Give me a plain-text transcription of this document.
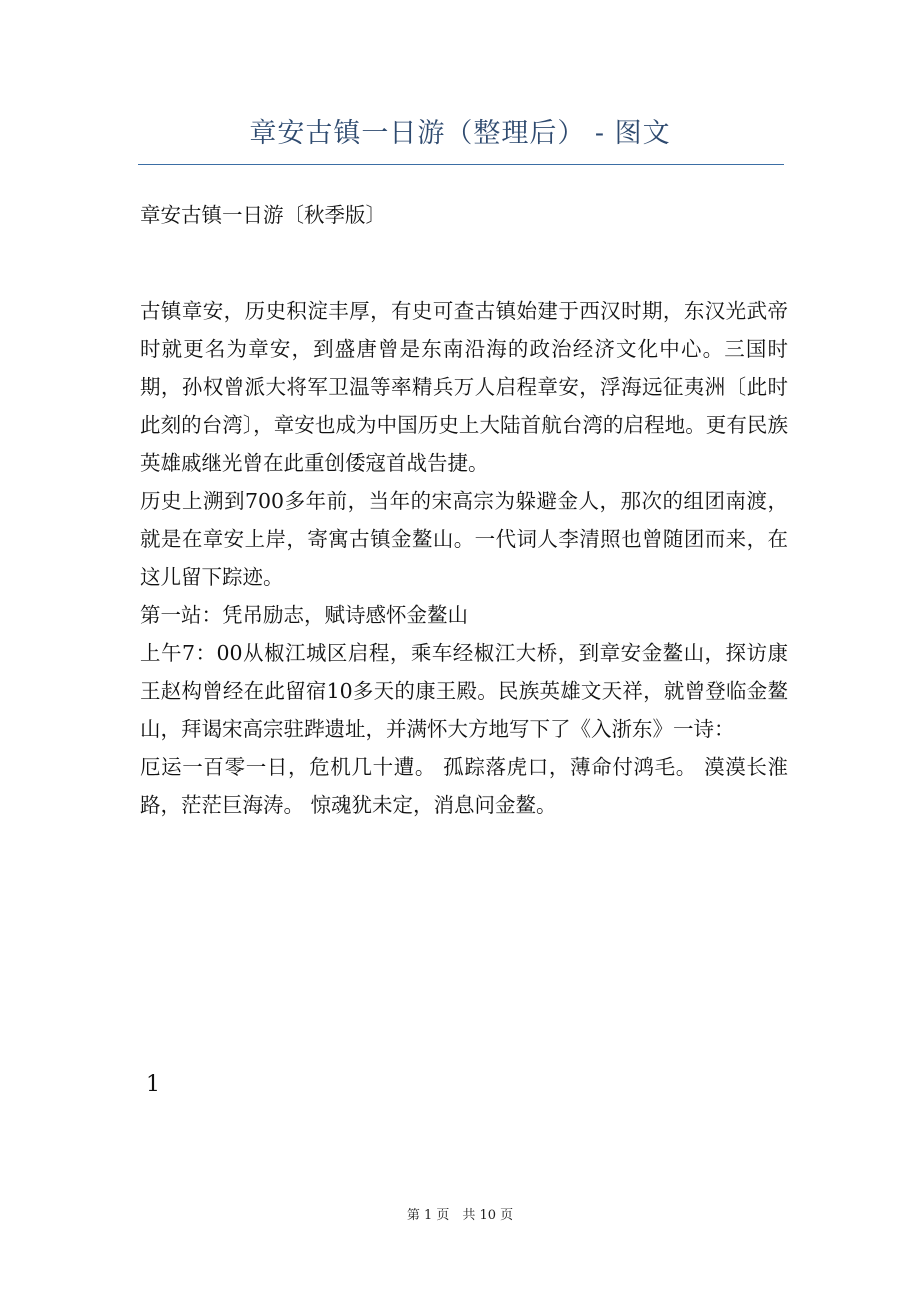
章安古镇一日游（整理后） - 图文

章安古镇一日游〔秋季版〕

古镇章安，历史积淀丰厚，有史可查古镇始建于西汉时期，东汉光武帝时就更名为章安，到盛唐曾是东南沿海的政治经济文化中心。三国时期，孙权曾派大将军卫温等率精兵万人启程章安，浮海远征夷洲〔此时此刻的台湾〕，章安也成为中国历史上大陆首航台湾的启程地。更有民族英雄戚继光曾在此重创倭寇首战告捷。

历史上溯到700多年前，当年的宋高宗为躲避金人，那次的组团南渡，就是在章安上岸，寄寓古镇金鳌山。一代词人李清照也曾随团而来，在这儿留下踪迹。

第一站：凭吊励志，赋诗感怀金鳌山

上午7：00从椒江城区启程，乘车经椒江大桥，到章安金鳌山，探访康王赵构曾经在此留宿10多天的康王殿。民族英雄文天祥，就曾登临金鳌山，拜谒宋高宗驻跸遗址，并满怀大方地写下了《入浙东》一诗：

厄运一百零一日，危机几十遭。 孤踪落虎口，薄命付鸿毛。 漠漠长淮路，茫茫巨海涛。 惊魂犹未定，消息问金鳌。

1
第 1 页　共 10 页
